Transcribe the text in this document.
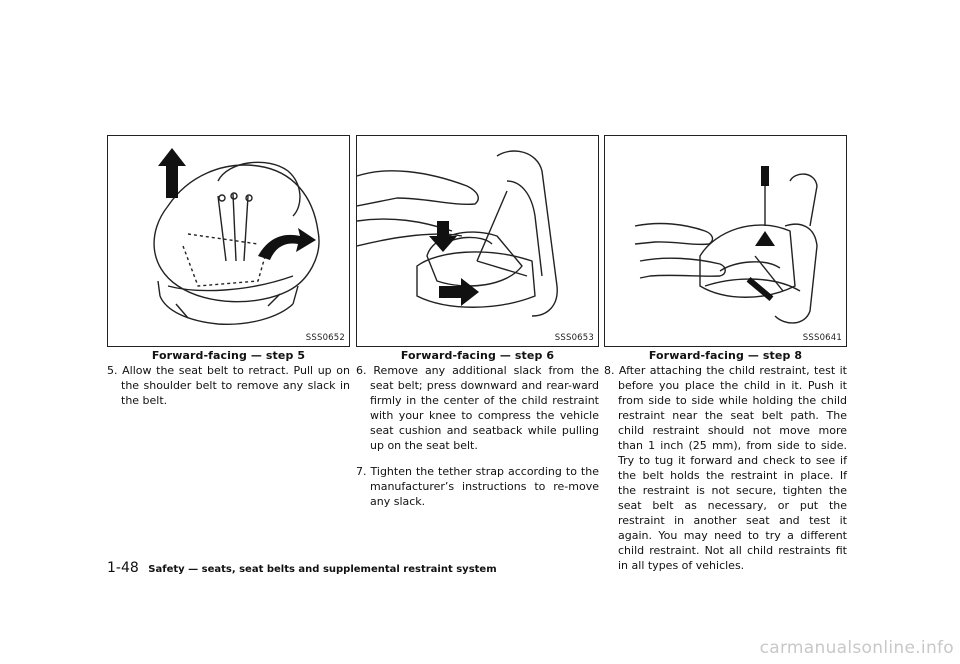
SSS0652
Forward-facing — step 5

5. Allow the seat belt to retract. Pull up on the shoulder belt to remove any slack in the belt.

SSS0653
Forward-facing — step 6

6. Remove any additional slack from the seat belt; press downward and rear-ward firmly in the center of the child restraint with your knee to compress the vehicle seat cushion and seatback while pulling up on the seat belt.

7. Tighten the tether strap according to the manufacturer’s instructions to re-move any slack.

SSS0641
Forward-facing — step 8

8. After attaching the child restraint, test it before you place the child in it. Push it from side to side while holding the child restraint near the seat belt path. The child restraint should not move more than 1 inch (25 mm), from side to side. Try to tug it forward and check to see if the belt holds the restraint in place. If the restraint is not secure, tighten the seat belt as necessary, or put the restraint in another seat and test it again. You may need to try a different child restraint. Not all child restraints fit in all types of vehicles.

1-48 Safety — seats, seat belts and supplemental restraint system
carmanualsonline.info
